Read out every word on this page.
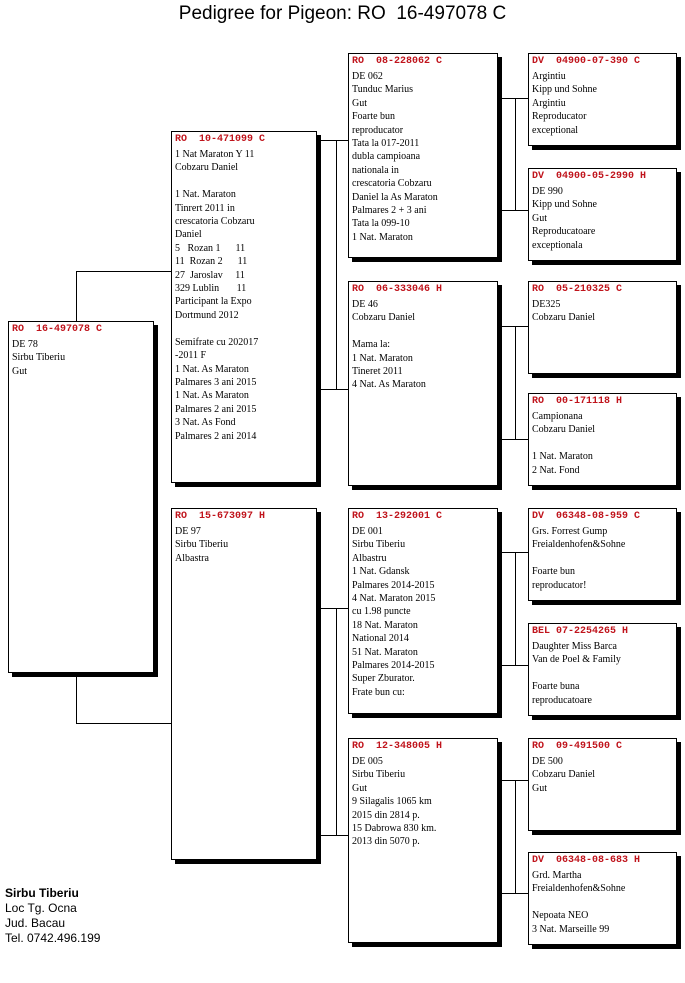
Pedigree for Pigeon: RO  16-497078 C
RO  16-497078 C
DE 78
Sirbu Tiberiu
Gut
RO  10-471099 C
1 Nat Maraton Y 11
Cobzaru Daniel

1 Nat. Maraton
Tinrert 2011 in
crescatoria Cobzaru
Daniel
5   Rozan 1      11
11  Rozan 2      11
27  Jaroslav     11
329 Lublin       11
Participant la Expo
Dortmund 2012

Semifrate cu 202017
-2011 F
1 Nat. As Maraton
Palmares 3 ani 2015
1 Nat. As Maraton
Palmares 2 ani 2015
3 Nat. As Fond
Palmares 2 ani 2014
RO  15-673097 H
DE 97
Sirbu Tiberiu
Albastra
RO  08-228062 C
DE 062
Tunduc Marius
Gut
Foarte bun
reproducator
Tata la 017-2011
dubla campioana
nationala in
crescatoria Cobzaru
Daniel la As Maraton
Palmares 2 + 3 ani
Tata la 099-10
1 Nat. Maraton
RO  06-333046 H
DE 46
Cobzaru Daniel

Mama la:
1 Nat. Maraton
Tineret 2011
4 Nat. As Maraton
RO  13-292001 C
DE 001
Sirbu Tiberiu
Albastru
1 Nat. Gdansk
Palmares 2014-2015
4 Nat. Maraton 2015
cu 1.98 puncte
18 Nat. Maraton
National 2014
51 Nat. Maraton
Palmares 2014-2015
Super Zburator.
Frate bun cu:
RO  12-348005 H
DE 005
Sirbu Tiberiu
Gut
9 Silagalis 1065 km
2015 din 2814 p.
15 Dabrowa 830 km.
2013 din 5070 p.
DV  04900-07-390 C
Argintiu
Kipp und Sohne
Argintiu
Reproducator
exceptional
DV  04900-05-2990 H
DE 990
Kipp und Sohne
Gut
Reproducatoare
exceptionala
RO  05-210325 C
DE325
Cobzaru Daniel
RO  00-171118 H
Campionana
Cobzaru Daniel

1 Nat. Maraton
2 Nat. Fond
DV  06348-08-959 C
Grs. Forrest Gump
Freialdenhofen&Sohne

Foarte bun
reproducator!
BEL 07-2254265 H
Daughter Miss Barca
Van de Poel & Family

Foarte buna
reproducatoare
RO  09-491500 C
DE 500
Cobzaru Daniel
Gut
DV  06348-08-683 H
Grd. Martha
Freialdenhofen&Sohne

Nepoata NEO
3 Nat. Marseille 99
Sirbu Tiberiu
Loc Tg. Ocna
Jud. Bacau
Tel. 0742.496.199
